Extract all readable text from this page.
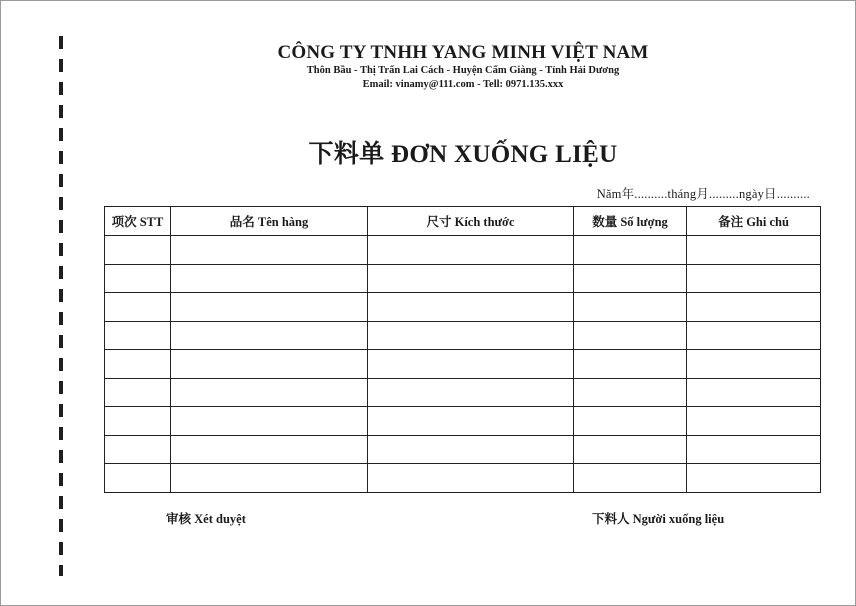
CÔNG TY TNHH YANG MINH VIỆT NAM
Thôn Bầu - Thị Trấn Lai Cách - Huyện Cẩm Giàng - Tỉnh Hải Dương
Email: vinamy@111.com - Tell: 0971.135.xxx
下料单 ĐƠN XUỐNG LIỆU
Năm年..........tháng月.........ngày日..........
项次 STT	品名 Tên hàng	尺寸 Kích thước	数量 Số lượng	备注 Ghi chú

审核 Xét duyệt	下料人 Người xuống liệu
